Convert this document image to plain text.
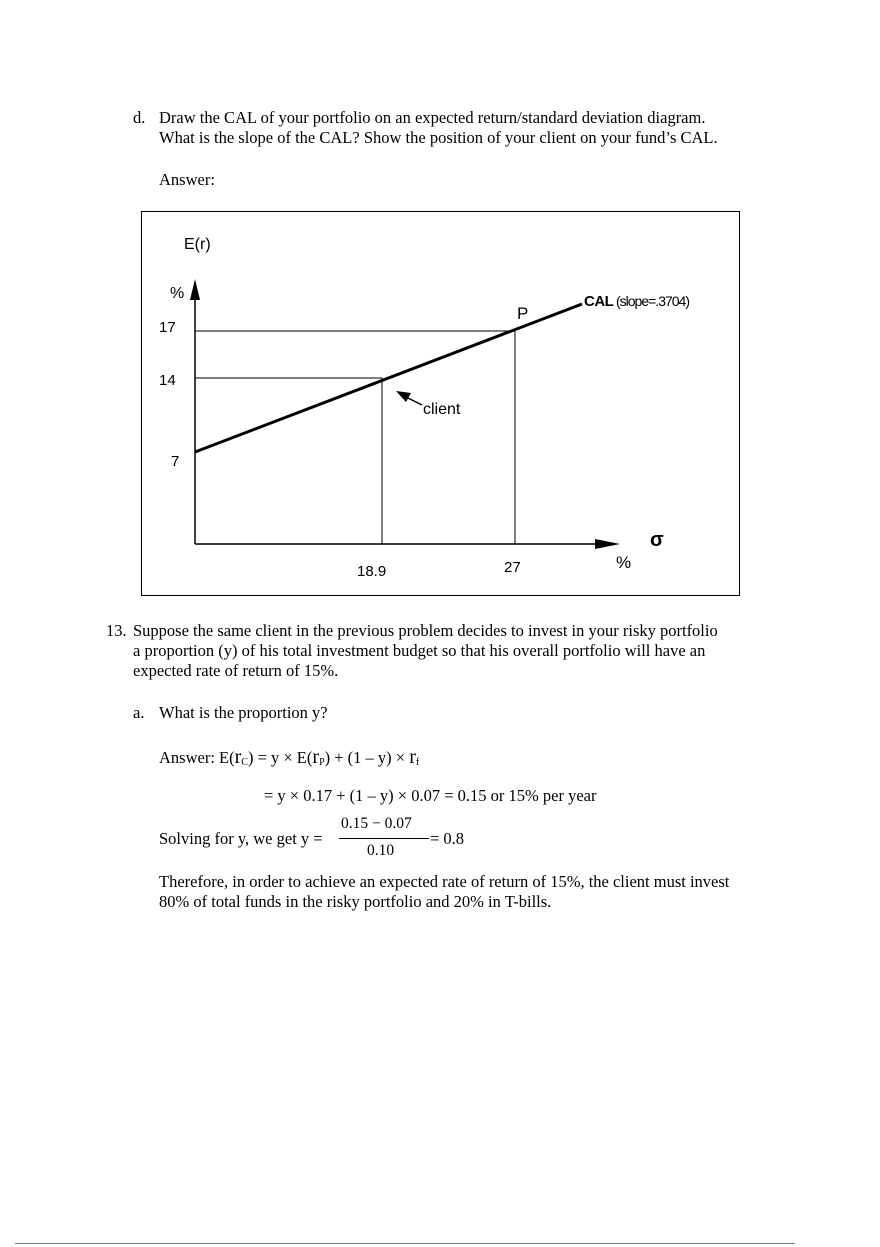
d. Draw the CAL of your portfolio on an expected return/standard deviation diagram.
What is the slope of the CAL? Show the position of your client on your fund’s CAL.
Answer:
E(r)
%
17
14
7
18.9	27	%
σ
P
client
CAL (slope=.3704)
13. Suppose the same client in the previous problem decides to invest in your risky portfolio
a proportion (y) of his total investment budget so that his overall portfolio will have an
expected rate of return of 15%.
a. What is the proportion y?
Answer: $E(r_C) = y \times E(r_P) + (1 - y) \times r_f$
= y × 0.17 + (1 – y) × 0.07 = 0.15 or 15% per year
Solving for y, we get y =
0.15 − 0.07
0.10
= 0.8
Therefore, in order to achieve an expected rate of return of 15%, the client must invest
80% of total funds in the risky portfolio and 20% in T-bills.
